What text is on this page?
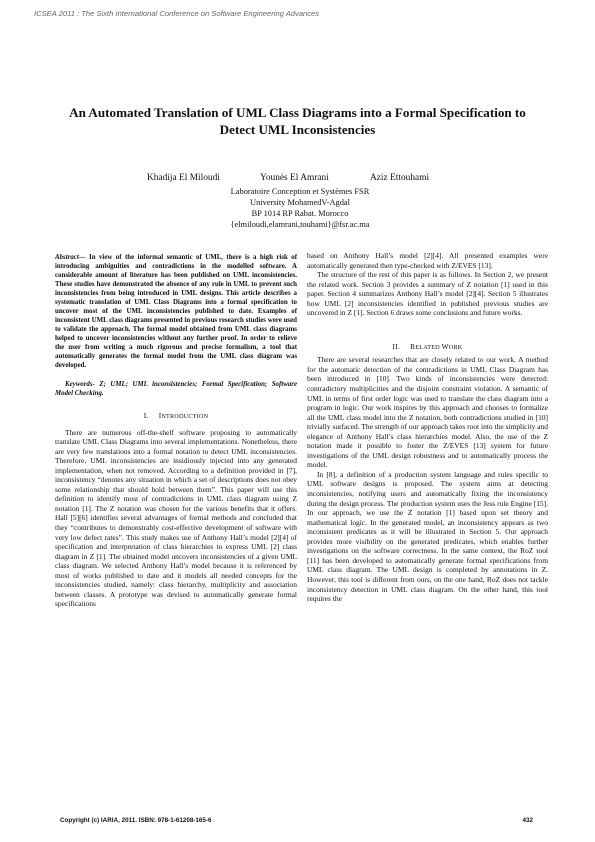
ICSEA 2011 : The Sixth International Conference on Software Engineering Advances
An Automated Translation of UML Class Diagrams into a Formal Specification to Detect UML Inconsistencies
Khadija El Miloudi	Younès El Amrani	Aziz Ettouhami
Laboratoire Conception et Systèmes FSR
University MohamedV-Agdal
BP 1014 RP Rabat. Morocco
{elmiloudi,elamrani,touhami}@fsr.ac.ma

Abstract— In view of the informal semantic of UML, there is a high risk of introducing ambiguities and contradictions in the modelled software. A considerable amount of literature has been published on UML inconsistencies. These studies have demonstrated the absence of any rule in UML to prevent such inconsistencies from being introduced in UML designs. This article describes a systematic translation of UML Class Diagrams into a formal specification to uncover most of the UML inconsistencies published to date. Examples of inconsistent UML class diagrams presented in previous research studies were used to validate the approach. The formal model obtained from UML class diagrams helped to uncover inconsistencies without any further proof. In order to relieve the user from writing a much rigorous and precise formalism, a tool that automatically generates the formal model from the UML class diagram was developed.

Keywords- Z; UML; UML inconsistencies; Formal Specification; Software Model Checking.

I. INTRODUCTION

There are numerous off-the-shelf software proposing to automatically translate UML Class Diagrams into several implementations. Nonetheless, there are very few translations into a formal notation to detect UML inconsistencies. Therefore, UML inconsistencies are insidiously injected into any generated implementation, when not removed. According to a definition provided in [7], inconsistency “denotes any situation in which a set of descriptions does not obey some relationship that should hold between them”. This paper will use this definition to identify most of contradictions in UML class diagram using Z notation [1]. The Z notation was chosen for the various benefits that it offers. Hall [5][6] identifies several advantages of formal methods and concluded that they “contributes to demonstrably cost-effective development of software with very low defect rates”. This study makes use of Anthony Hall’s model [2][4] of specification and interpretation of class hierarchies to express UML [2] class diagram in Z [1]. The obtained model uncovers inconsistencies of a given UML class diagram. We selected Anthony Hall’s model because it is referenced by most of works published to date and it models all needed concepts for the inconsistencies studied, namely: class hierarchy, multiplicity and association between classes. A prototype was devised to automatically generate formal specifications

based on Anthony Hall’s model [2][4]. All presented examples were automatically generated then type-checked with Z/EVES [13].

The structure of the rest of this paper is as follows. In Section 2, we present the related work. Section 3 provides a summary of Z notation [1] used in this paper. Section 4 summarizes Anthony Hall’s model [2][4]. Section 5 illustrates how UML [2] inconsistencies identified in published previous studies are uncovered in Z [1]. Section 6 draws some conclusions and future works.

II. RELATED WORK

There are several researches that are closely related to our work. A method for the automatic detection of the contradictions in UML Class Diagram has been introduced in [10]. Two kinds of inconsistencies were detected: contradictory multiplicities and the disjoint constraint violation. A semantic of UML in terms of first order logic was used to translate the class diagram into a program in logic. Our work inspires by this approach and chooses to formalize all the UML class model into the Z notation, both contradictions studied in [10] trivially surfaced. The strength of our approach takes root into the simplicity and elegance of Anthony Hall’s class hierarchies model. Also, the use of the Z notation made it possible to foster the Z/EVES [13] system for future investigations of the UML design robustness and to automatically process the model.

In [8], a definition of a production system language and rules specific to UML software designs is proposed. The system aims at detecting inconsistencies, notifying users and automatically fixing the inconsistency during the design process. The production system uses the Jess rule Engine [15]. In our approach, we use the Z notation [1] based upon set theory and mathematical logic. In the generated model, an inconsistency appears as two inconsistent predicates as it will be illustrated in Section 5. Our approach provides more visibility on the generated predicates, which enables further investigations on the software correctness. In the same context, the RoZ tool [11] has been developed to automatically generate formal specifications from UML class diagram. The UML design is completed by annotations in Z. However, this tool is different from ours, on the one hand, RoZ does not tackle inconsistency detection in UML class diagram. On the other hand, this tool requires the

Copyright (c) IARIA, 2011. ISBN: 978-1-61208-165-6	432
